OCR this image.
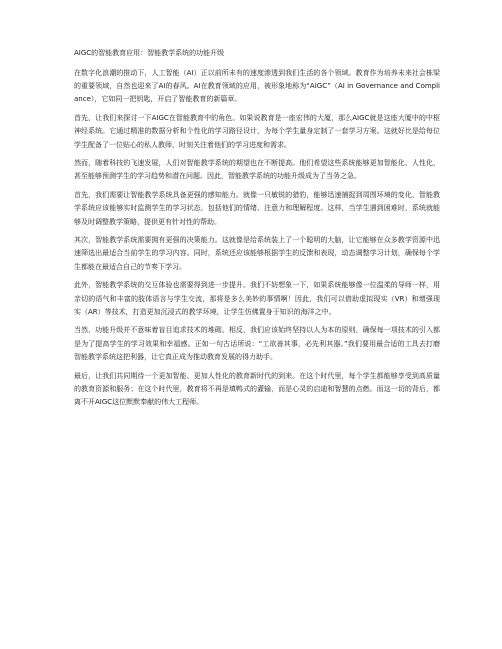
AIGC的智能教育应用：智能教学系统的功能升级

在数字化浪潮的推动下，人工智能（AI）正以前所未有的速度渗透到我们生活的各个领域。教育作为培养未来社会栋梁的重要领域，自然也迎来了AI的春风。AI在教育领域的应用，被形象地称为“AIGC”（AI in Governance and Compliance），它如同一把钥匙，开启了智能教育的新篇章。

首先，让我们来探讨一下AIGC在智能教育中的角色。如果说教育是一座宏伟的大厦，那么AIGC就是这座大厦中的中枢神经系统。它通过精准的数据分析和个性化的学习路径设计，为每个学生量身定制了一套学习方案。这就好比是给每位学生配备了一位贴心的私人教师，时刻关注着他们的学习进度和需求。

然而，随着科技的飞速发展，人们对智能教学系统的期望也在不断提高。他们希望这些系统能够更加智能化、人性化，甚至能够预测学生的学习趋势和潜在问题。因此，智能教学系统的功能升级成为了当务之急。

首先，我们需要让智能教学系统具备更强的感知能力。就像一只敏锐的猎豹，能够迅速捕捉到周围环境的变化，智能教学系统应该能够实时监测学生的学习状态，包括他们的情绪、注意力和理解程度。这样，当学生遇到困难时，系统就能够及时调整教学策略，提供更有针对性的帮助。

其次，智能教学系统需要拥有更强的决策能力。这就像是给系统装上了一个聪明的大脑，让它能够在众多教学资源中迅速筛选出最适合当前学生的学习内容。同时，系统还应该能够根据学生的反馈和表现，动态调整学习计划，确保每个学生都能在最适合自己的节奏下学习。

此外，智能教学系统的交互体验也需要得到进一步提升。我们不妨想象一下，如果系统能够像一位温柔的导师一样，用亲切的语气和丰富的肢体语言与学生交流，那将是多么美妙的事情啊！因此，我们可以借助虚拟现实（VR）和增强现实（AR）等技术，打造更加沉浸式的教学环境，让学生仿佛置身于知识的海洋之中。

当然，功能升级并不意味着盲目追求技术的堆砌。相反，我们应该始终坚持以人为本的原则，确保每一项技术的引入都是为了提高学生的学习效果和幸福感。正如一句古话所说：“工欲善其事，必先利其器。”我们要用最合适的工具去打磨智能教学系统这把利器，让它真正成为推动教育发展的得力助手。

最后，让我们共同期待一个更加智能、更加人性化的教育新时代的到来。在这个时代里，每个学生都能够享受到高质量的教育资源和服务；在这个时代里，教育将不再是填鸭式的灌输，而是心灵的启迪和智慧的点燃。而这一切的背后，都离不开AIGC这位默默奉献的伟大工程师。
